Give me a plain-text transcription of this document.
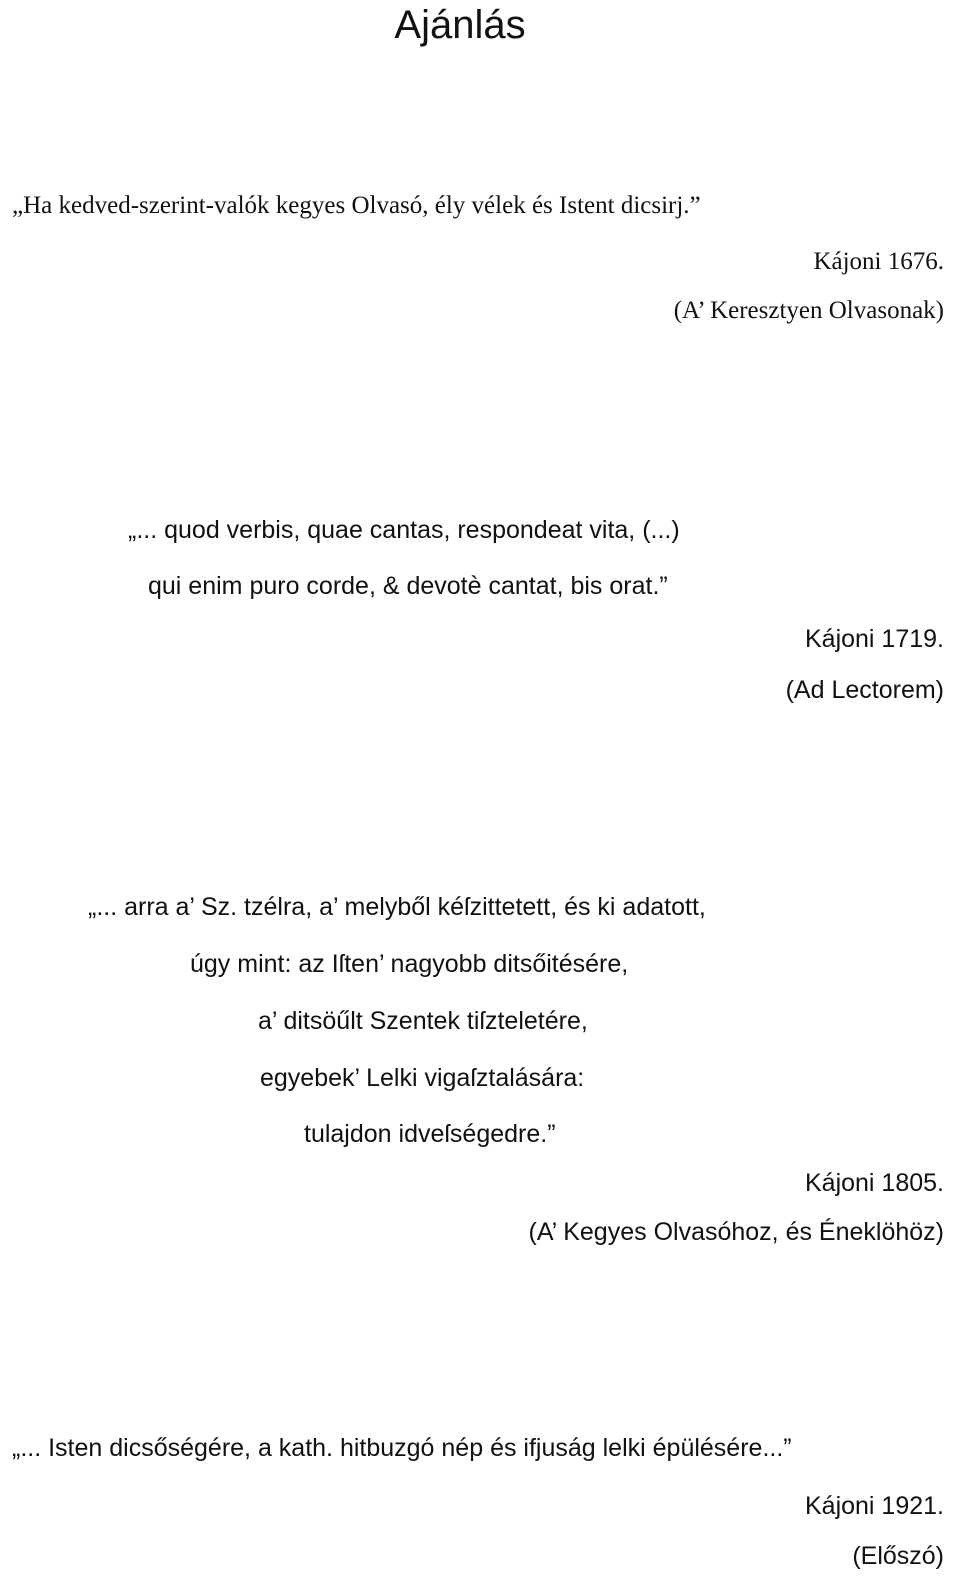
Ajánlás

„Ha kedved-szerint-valók kegyes Olvasó, ély vélek és Istent dicsirj.”

Kájoni 1676.

(A’ Keresztyen Olvasonak)

„... quod verbis, quae cantas, respondeat vita, (...)

qui enim puro corde, & devotè cantat, bis orat.”

Kájoni 1719.

(Ad Lectorem)

„... arra a’ Sz. tzélra, a’ melyből kéſzittetett, és ki adatott,

úgy mint: az Iſten’ nagyobb ditsőitésére,

a’ ditsöűlt Szentek tiſzteletére,

egyebek’ Lelki vigaſztalására:

tulajdon idveſségedre.”

Kájoni 1805.

(A’ Kegyes Olvasóhoz, és Éneklöhöz)

„... Isten dicsőségére, a kath. hitbuzgó nép és ifjuság lelki épülésére...”

Kájoni 1921.

(Előszó)
